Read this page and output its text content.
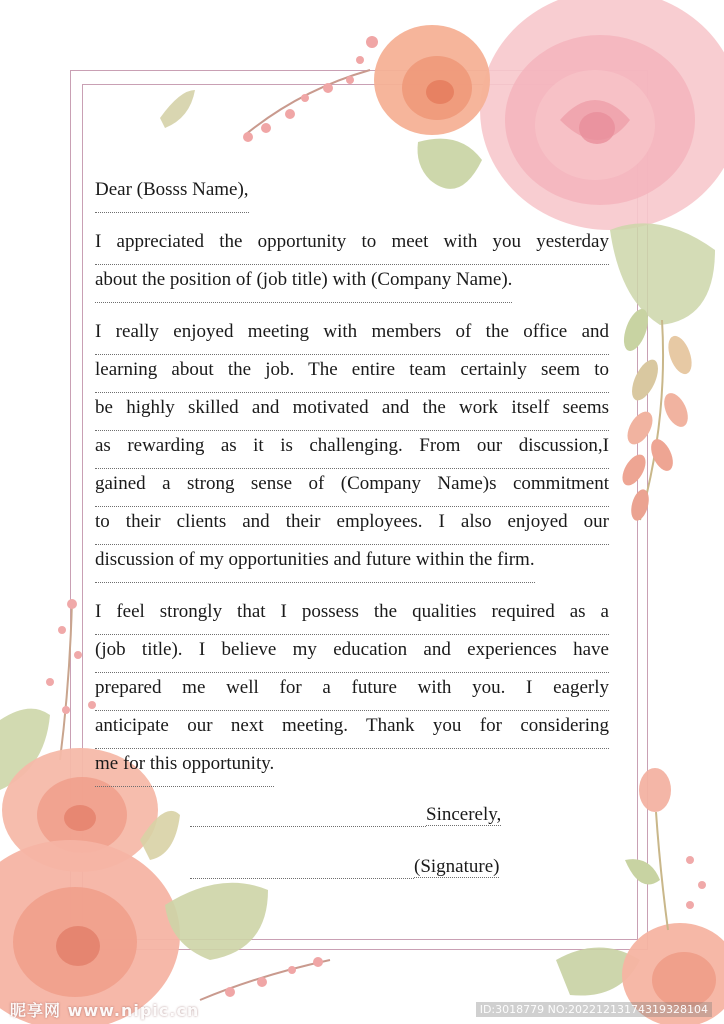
Dear (Bosss Name),
I appreciated the opportunity to meet with you yesterday
about the position of (job title) with (Company Name).
I really enjoyed meeting with members of the office and
learning about the job. The entire team certainly seem to
be highly skilled and motivated and the work itself seems
as rewarding as it is challenging. From our discussion,I
gained a strong sense of (Company Name)s commitment
to their clients and their employees. I also enjoyed our
discussion of my opportunities and future within the firm.
I feel strongly that I possess the qualities required as a
(job title). I believe my education and experiences have
prepared me well for a future with you. I eagerly
anticipate our next meeting. Thank you for considering
me for this opportunity.
Sincerely,
(Signature)
昵享网 www.nipic.cn	ID:3018779 NO:20221213174319328104
